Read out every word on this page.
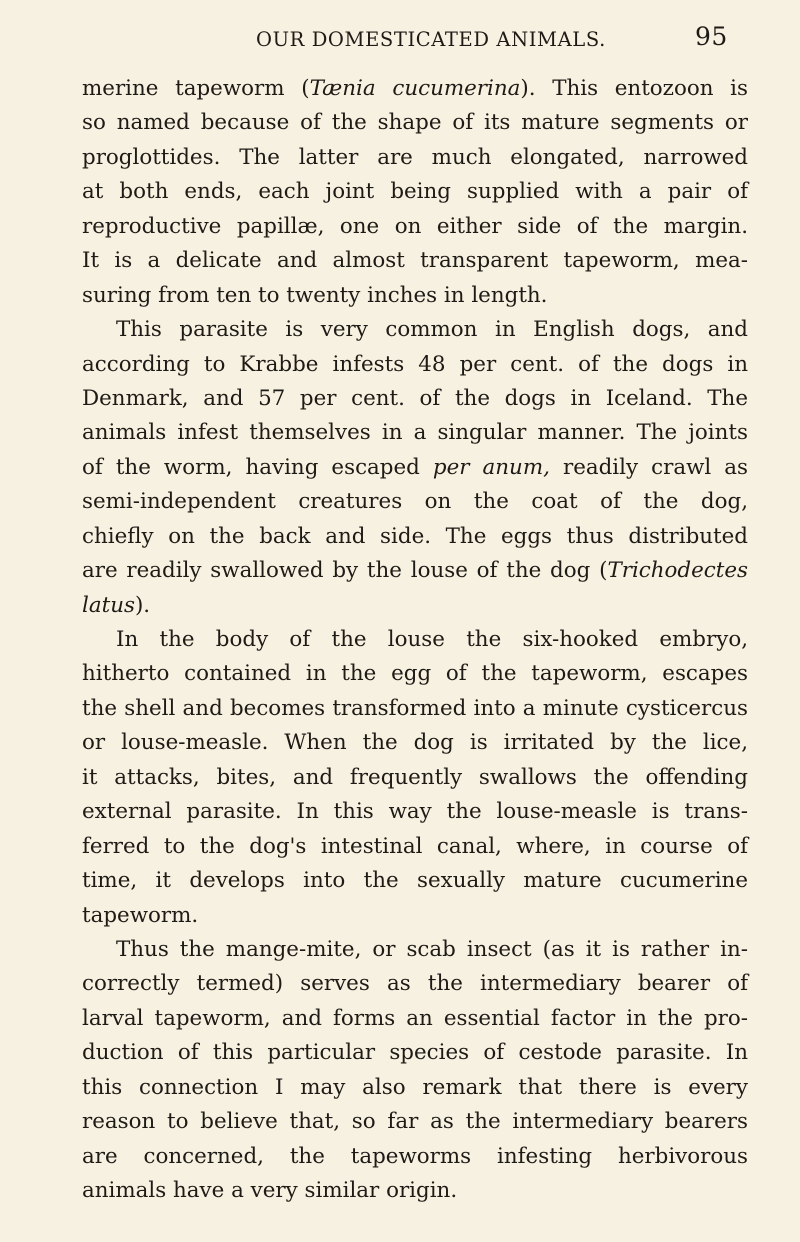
OUR DOMESTICATED ANIMALS.	95
merine tapeworm (Tænia cucumerina). This entozoon is
so named because of the shape of its mature segments or
proglottides. The latter are much elongated, narrowed
at both ends, each joint being supplied with a pair of
reproductive papillæ, one on either side of the margin.
It is a delicate and almost transparent tapeworm, mea-
suring from ten to twenty inches in length.
This parasite is very common in English dogs, and
according to Krabbe infests 48 per cent. of the dogs in
Denmark, and 57 per cent. of the dogs in Iceland. The
animals infest themselves in a singular manner. The joints
of the worm, having escaped per anum, readily crawl as
semi-independent creatures on the coat of the dog,
chiefly on the back and side. The eggs thus distributed
are readily swallowed by the louse of the dog (Trichodectes
latus).
In the body of the louse the six-hooked embryo,
hitherto contained in the egg of the tapeworm, escapes
the shell and becomes transformed into a minute cysticercus
or louse-measle. When the dog is irritated by the lice,
it attacks, bites, and frequently swallows the offending
external parasite. In this way the louse-measle is trans-
ferred to the dog's intestinal canal, where, in course of
time, it develops into the sexually mature cucumerine
tapeworm.
Thus the mange-mite, or scab insect (as it is rather in-
correctly termed) serves as the intermediary bearer of
larval tapeworm, and forms an essential factor in the pro-
duction of this particular species of cestode parasite. In
this connection I may also remark that there is every
reason to believe that, so far as the intermediary bearers
are concerned, the tapeworms infesting herbivorous
animals have a very similar origin.
